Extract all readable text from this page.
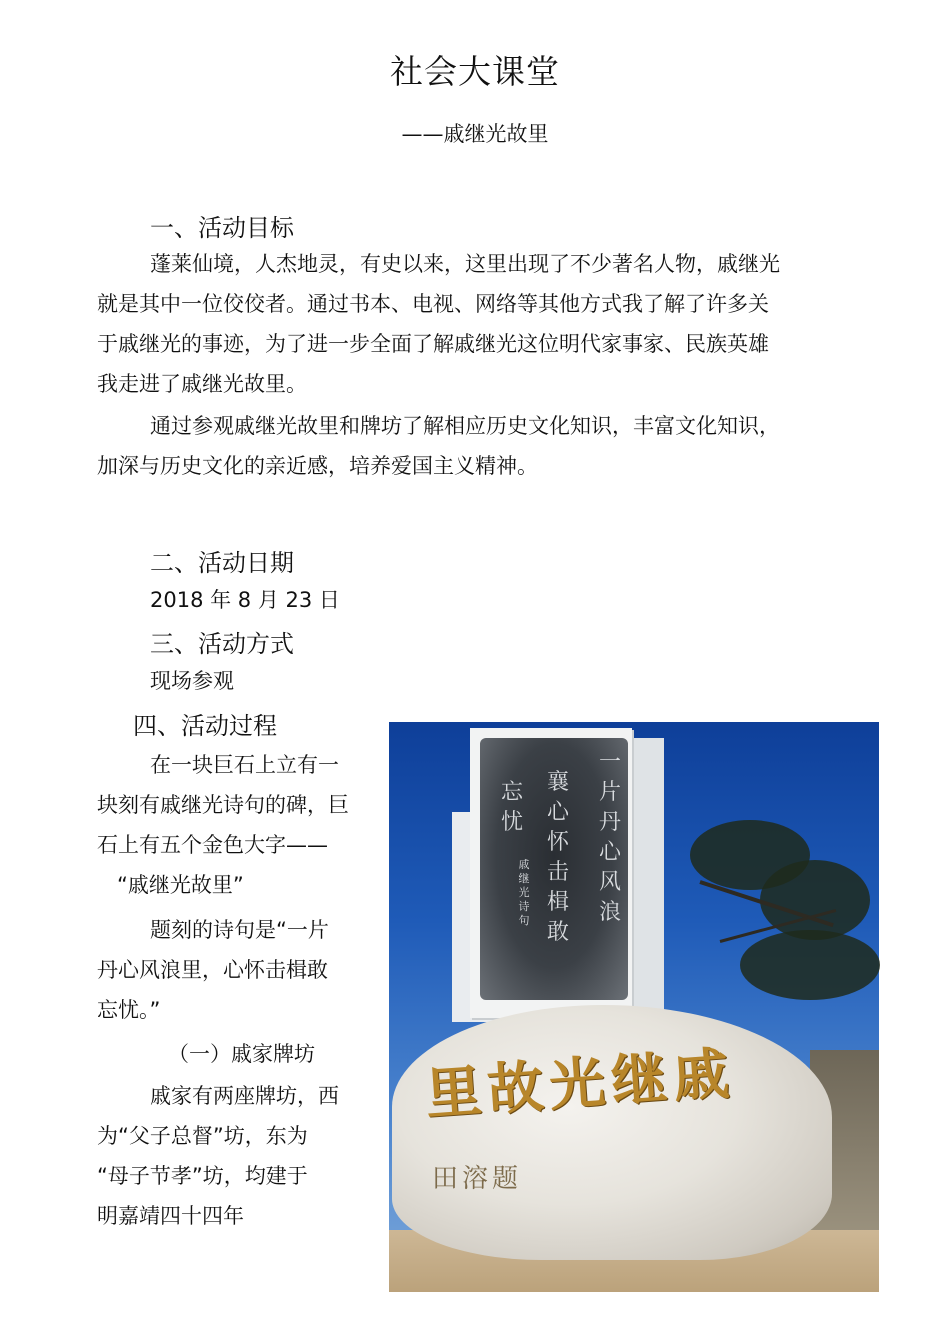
社会大课堂
——戚继光故里
一、活动目标
蓬莱仙境，人杰地灵，有史以来，这里出现了不少著名人物，戚继光
就是其中一位佼佼者。通过书本、电视、网络等其他方式我了解了许多关
于戚继光的事迹，为了进一步全面了解戚继光这位明代家事家、民族英雄
我走进了戚继光故里。
通过参观戚继光故里和牌坊了解相应历史文化知识，丰富文化知识，
加深与历史文化的亲近感，培养爱国主义精神。
二、活动日期
2018 年 8 月 23 日
三、活动方式
现场参观
四、活动过程
在一块巨石上立有一
块刻有戚继光诗句的碑，巨
石上有五个金色大字——
“戚继光故里”
题刻的诗句是“一片
丹心风浪里，心怀击楫敢
忘忧。”
（一）戚家牌坊
戚家有两座牌坊，西
为“父子总督”坊，东为
“母子节孝”坊，均建于
明嘉靖四十四年
一片丹心风浪
襄心怀击楫敢
忘忧
戚继光诗句
里故光继戚
田溶题
